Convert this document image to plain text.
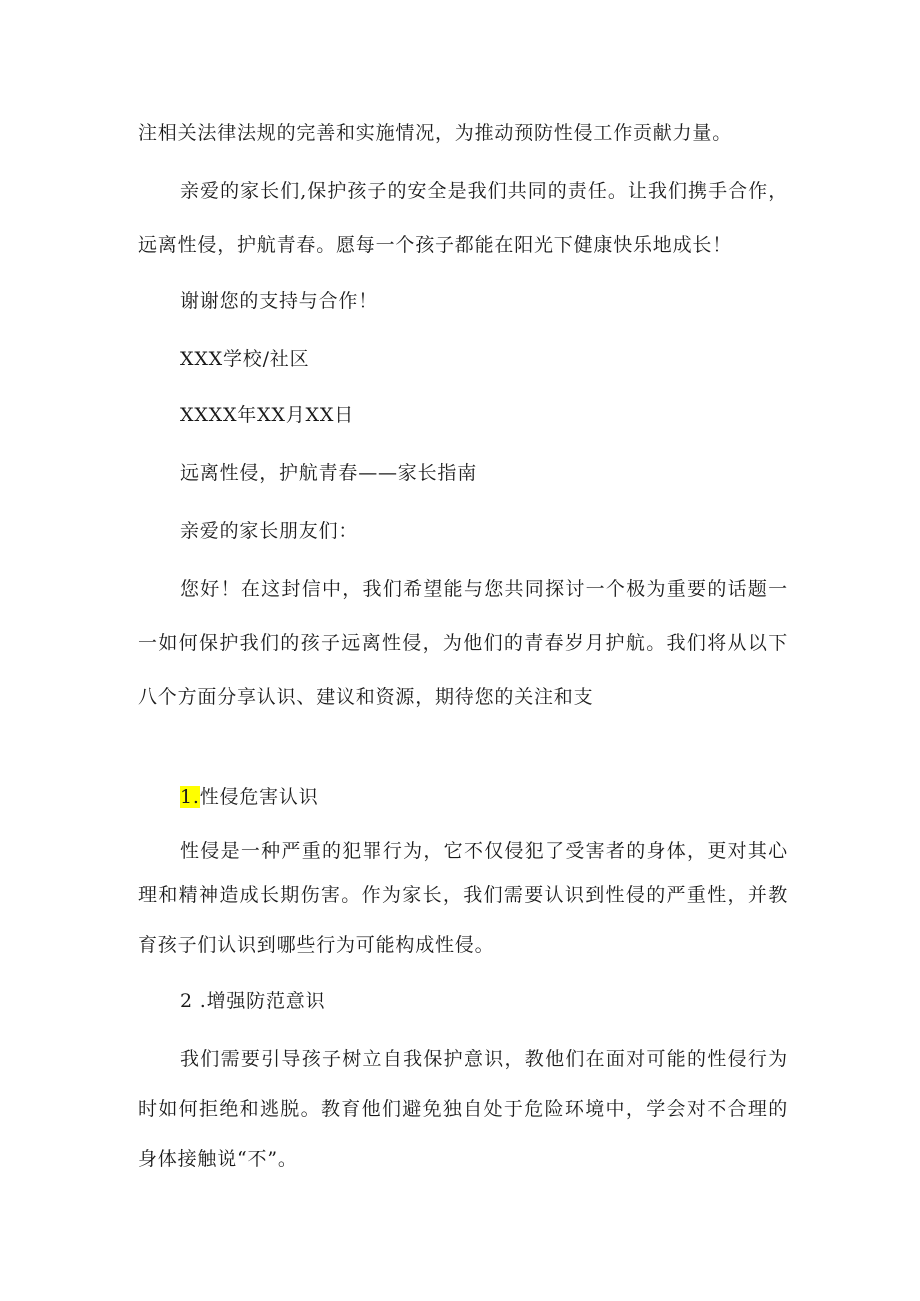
注相关法律法规的完善和实施情况，为推动预防性侵工作贡献力量。
亲爱的家长们,保护孩子的安全是我们共同的责任。让我们携手合作，
远离性侵，护航青春。愿每一个孩子都能在阳光下健康快乐地成长！
谢谢您的支持与合作！
XXX学校/社区
XXXX年XX月XX日
远离性侵，护航青春——家长指南
亲爱的家长朋友们：
您好！在这封信中，我们希望能与您共同探讨一个极为重要的话题一
一如何保护我们的孩子远离性侵，为他们的青春岁月护航。我们将从以下
八个方面分享认识、建议和资源，期待您的关注和支
1.性侵危害认识
性侵是一种严重的犯罪行为，它不仅侵犯了受害者的身体，更对其心
理和精神造成长期伤害。作为家长，我们需要认识到性侵的严重性，并教
育孩子们认识到哪些行为可能构成性侵。
2 .增强防范意识
我们需要引导孩子树立自我保护意识，教他们在面对可能的性侵行为
时如何拒绝和逃脱。教育他们避免独自处于危险环境中，学会对不合理的
身体接触说“不”。
